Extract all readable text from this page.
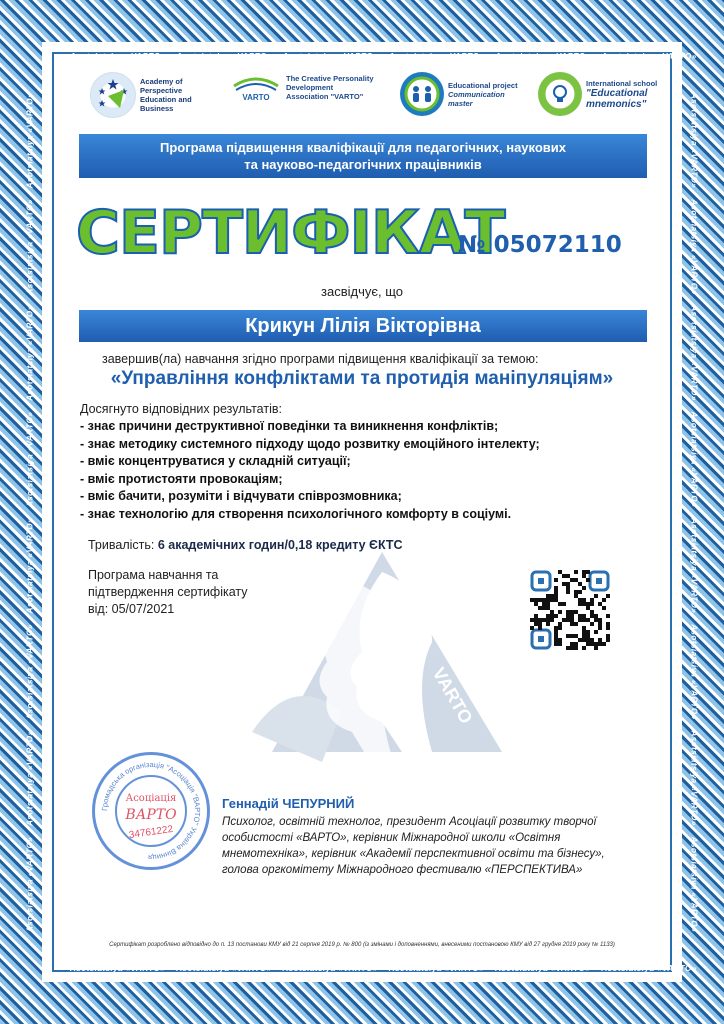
Asotsiatsiya «VARTO» Asotsiatsiya «VARTO» Asotsiatsiya «VARTO» Asotsiatsiya «VARTO» Asotsiatsiya «VARTO» Asotsiatsiya «VARTO»
Asotsiatsiya «VARTO» Asotsiatsiya «VARTO» Asotsiatsiya «VARTO» Asotsiatsiya «VARTO» Asotsiatsiya «VARTO» Asotsiatsiya «VARTO»
Asotsiatsiya «VARTO»    Asotsiatsiya «VARTO»    Asotsiatsiya «VARTO»    Asotsiatsiya «VARTO»    Asotsiatsiya «VARTO»    Asotsiatsiya «VARTO»    Asotsiatsiya «VARTO»    Asotsiatsiya «VARTO»	Asotsiatsiya «VARTO»    Asotsiatsiya «VARTO»    Asotsiatsiya «VARTO»    Asotsiatsiya «VARTO»    Asotsiatsiya «VARTO»    Asotsiatsiya «VARTO»    Asotsiatsiya «VARTO»    Asotsiatsiya «VARTO»
Academy of
Perspective
Education and
Business
VARTO
The Creative Personality
Development
Association "VARTO"
Educational project
Communication
master
International school
"Educational
mnemonics"
Програма підвищення кваліфікації для педагогічних, наукових
та науково-педагогічних працівників
СЕРТИФІКАТ
№ 05072110
засвідчує, що
Крикун Лілія Вікторівна
завершив(ла) навчання згідно програми підвищення кваліфікації за темою:
«Управління конфліктами та протидія маніпуляціям»
Досягнуто відповідних результатів:
- знає причини деструктивної поведінки та виникнення конфліктів;
- знає методику системного підходу щодо розвитку емоційного інтелекту;
- вміє концентруватися у складній ситуації;
- вміє протистояти провокаціям;
- вміє бачити, розуміти і відчувати співрозмовника;
- знає технологію для створення психологічного комфорту в соціумі.
Тривалість: 6 академічних годин/0,18 кредиту ЄКТС
Asotsiatsiya
VARTO
Програма навчання та
підтвердження сертифікату
від: 05/07/2021
Громадська організація "Асоціація "ВАРТО" Україна Вінниця
Асоціація
ВАРТО
34761222
Геннадій ЧЕПУРНИЙ
Психолог, освітній технолог, президент Асоціації розвитку творчої
особистості «ВАРТО», керівник Міжнародної школи «Освітня
мнемотехніка», керівник «Академії перспективної освіти та бізнесу»,
голова оргкомітету Міжнародного фестивалю «ПЕРСПЕКТИВА»
Сертифікат розроблено відповідно до п. 13 постанови КМУ від 21 серпня 2019 р. № 800 (із змінами і доповненнями, внесеними постановою КМУ від 27 грудня 2019 року № 1133)
